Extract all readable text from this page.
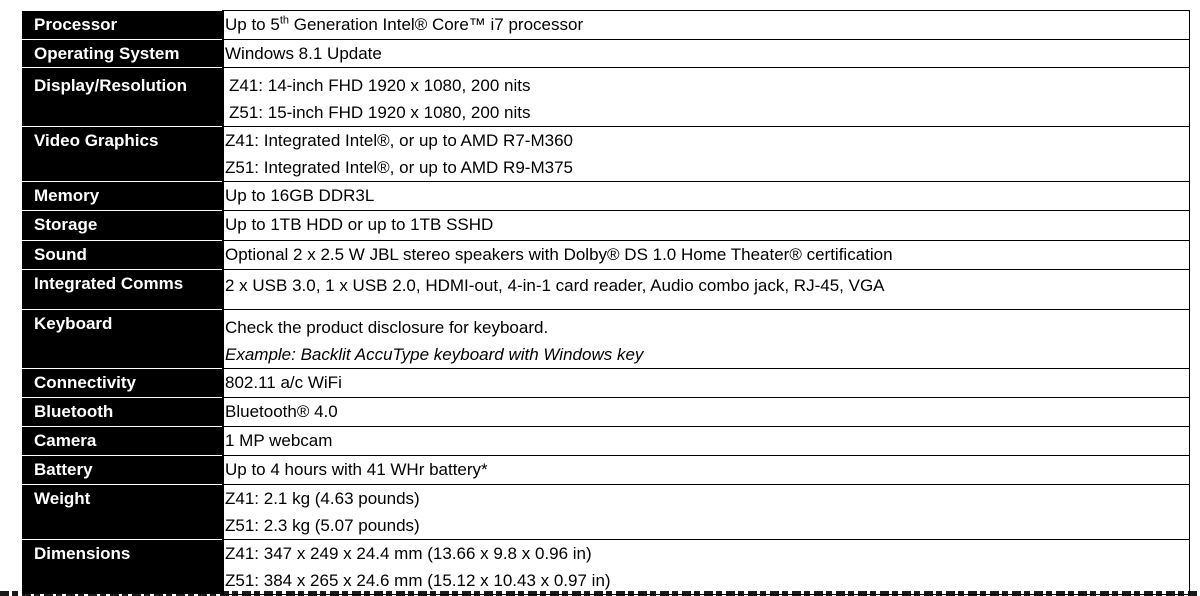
Processor	Up to 5th Generation Intel® Core™ i7 processor
Operating System	Windows 8.1 Update

Display/Resolution	Z41: 14-inch FHD 1920 x 1080, 200 nits
Z51: 15-inch FHD 1920 x 1080, 200 nits

Video Graphics	Z41: Integrated Intel®, or up to AMD R7-M360
Z51: Integrated Intel®, or up to AMD R9-M375

Memory	Up to 16GB DDR3L

Storage	Up to 1TB HDD or up to 1TB SSHD

Sound	Optional 2 x 2.5 W JBL stereo speakers with Dolby® DS 1.0 Home Theater® certification

Integrated Comms	2 x USB 3.0, 1 x USB 2.0, HDMI-out, 4-in-1 card reader, Audio combo jack, RJ-45, VGA

Keyboard	Check the product disclosure for keyboard.
Example: Backlit AccuType keyboard with Windows key

Connectivity	802.11 a/c WiFi

Bluetooth	Bluetooth® 4.0

Camera	1 MP webcam

Battery	Up to 4 hours with 41 WHr battery*

Weight	Z41: 2.1 kg (4.63 pounds)
Z51: 2.3 kg (5.07 pounds)

Dimensions	Z41: 347 x 249 x 24.4 mm (13.66 x 9.8 x 0.96 in)
Z51: 384 x 265 x 24.6 mm (15.12 x 10.43 x 0.97 in)
